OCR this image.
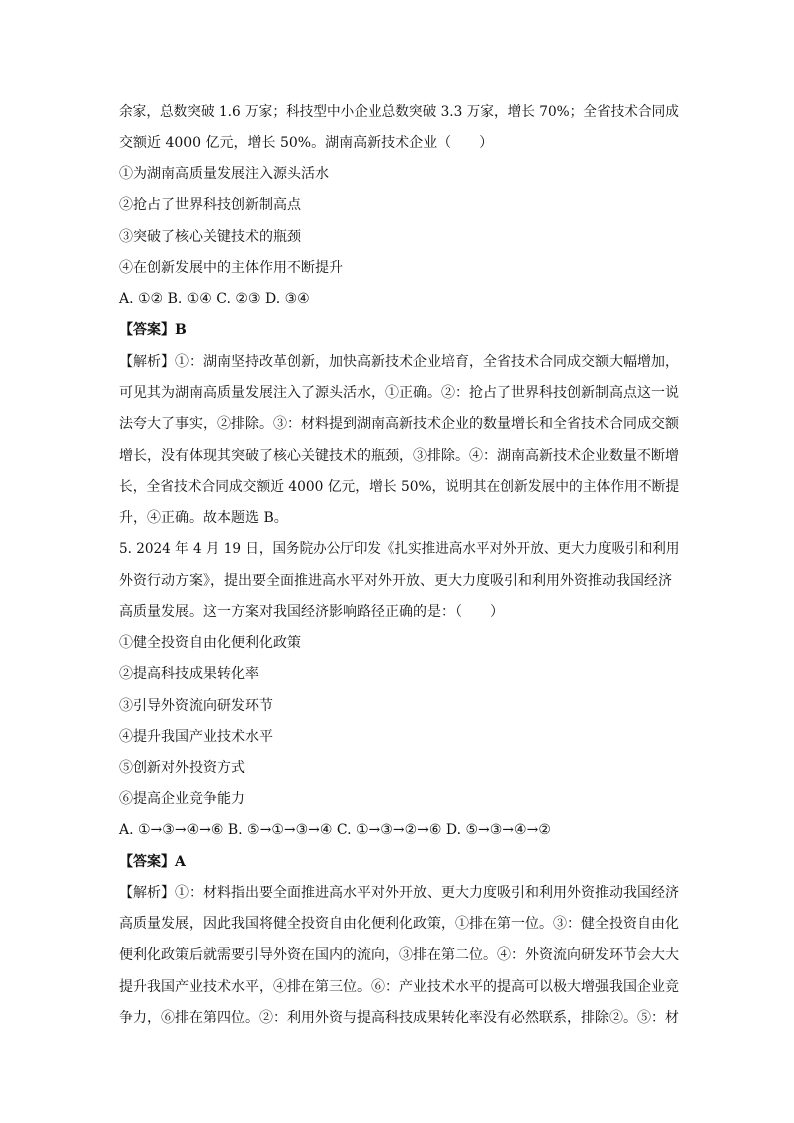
余家，总数突破 1.6 万家；科技型中小企业总数突破 3.3 万家，增长 70%；全省技术合同成
交额近 4000 亿元，增长 50%。湖南高新技术企业（　　）
①为湖南高质量发展注入源头活水
②抢占了世界科技创新制高点
③突破了核心关键技术的瓶颈
④在创新发展中的主体作用不断提升
A. ①② B. ①④ C. ②③ D. ③④
【答案】B
【解析】①：湖南坚持改革创新，加快高新技术企业培育，全省技术合同成交额大幅增加，
可见其为湖南高质量发展注入了源头活水，①正确。②：抢占了世界科技创新制高点这一说
法夸大了事实，②排除。③：材料提到湖南高新技术企业的数量增长和全省技术合同成交额
增长，没有体现其突破了核心关键技术的瓶颈，③排除。④：湖南高新技术企业数量不断增
长，全省技术合同成交额近 4000 亿元，增长 50%，说明其在创新发展中的主体作用不断提
升，④正确。故本题选 B。
5. 2024 年 4 月 19 日，国务院办公厅印发《扎实推进高水平对外开放、更大力度吸引和利用
外资行动方案》，提出要全面推进高水平对外开放、更大力度吸引和利用外资推动我国经济
高质量发展。这一方案对我国经济影响路径正确的是：（　　）
①健全投资自由化便利化政策
②提高科技成果转化率
③引导外资流向研发环节
④提升我国产业技术水平
⑤创新对外投资方式
⑥提高企业竞争能力
A. ①→③→④→⑥ B. ⑤→①→③→④ C. ①→③→②→⑥ D. ⑤→③→④→②
【答案】A
【解析】①：材料指出要全面推进高水平对外开放、更大力度吸引和利用外资推动我国经济
高质量发展，因此我国将健全投资自由化便利化政策，①排在第一位。③：健全投资自由化
便利化政策后就需要引导外资在国内的流向，③排在第二位。④：外资流向研发环节会大大
提升我国产业技术水平，④排在第三位。⑥：产业技术水平的提高可以极大增强我国企业竞
争力，⑥排在第四位。②：利用外资与提高科技成果转化率没有必然联系，排除②。⑤：材
